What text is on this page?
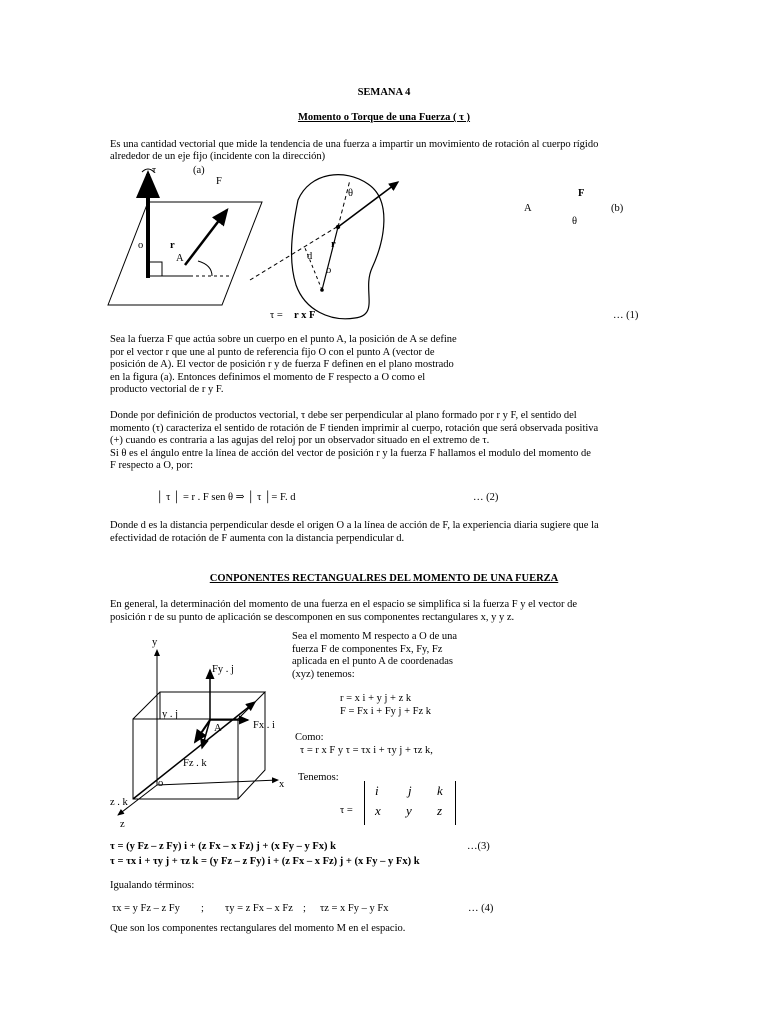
SEMANA 4
Momento o Torque de una Fuerza ( τ )
Es una cantidad vectorial que mide la tendencia de una fuerza a impartir un movimiento de rotación al cuerpo rígido
alrededor de un eje fijo (incidente con la dirección)
τ	(a)
F
o	r
A
θ
d
o
r
F
A	(b)
θ
τ = r x F	… (1)
Sea la fuerza F que actúa sobre un cuerpo en el punto A, la posición de A se define
por el vector r que une al punto de referencia fijo O con el punto A (vector de
posición de A). El vector de posición r y de fuerza F definen en el plano mostrado
en la figura (a). Entonces definimos el momento de F respecto a O como el
producto vectorial de r y F.
Donde por definición de productos vectorial, τ debe ser perpendicular al plano formado por r y F, el sentido del
momento (τ) caracteriza el sentido de rotación de F tienden imprimir al cuerpo, rotación que será observada positiva
(+) cuando es contraria a las agujas del reloj por un observador situado en el extremo de τ.
Si θ es el ángulo entre la línea de acción del vector de posición r y la fuerza F hallamos el modulo del momento de
F respecto a O, por:
│ τ │ = r . F sen θ ⇒ │ τ │= F. d	… (2)
Donde d es la distancia perpendicular desde el origen O a la línea de acción de F, la experiencia diaria sugiere que la
efectividad de rotación de F aumenta con la distancia perpendicular d.
CONPONENTES RECTANGUALRES DEL MOMENTO DE UNA FUERZA
En general, la determinación del momento de una fuerza en el espacio se simplifica si la fuerza F y el vector de
posición r de su punto de aplicación se descomponen en sus componentes rectangulares x, y y z.
y
Fy . j
y . j
Fx . i
A
Fz . k
x
o
z . k
z
Sea el momento M respecto a O de una
fuerza F de componentes Fx, Fy, Fz
aplicada en el punto A de coordenadas
(xyz) tenemos:
r = x i + y j + z k
F = Fx i + Fy j + Fz k
Como:
τ = r x F y τ = τx i + τy j + τz k,
Tenemos:
τ =
i j k
x y z
τ = (y Fz – z Fy) i + (z Fx – x Fz) j + (x Fy – y Fx) k	…(3)
τ = τx i + τy j + τz k = (y Fz – z Fy) i + (z Fx – x Fz) j + (x Fy – y Fx) k
Igualando términos:
τx = y Fz – z Fy ; τy = z Fx – x Fz ; τz = x Fy – y Fx	… (4)
Que son los componentes rectangulares del momento M en el espacio.
